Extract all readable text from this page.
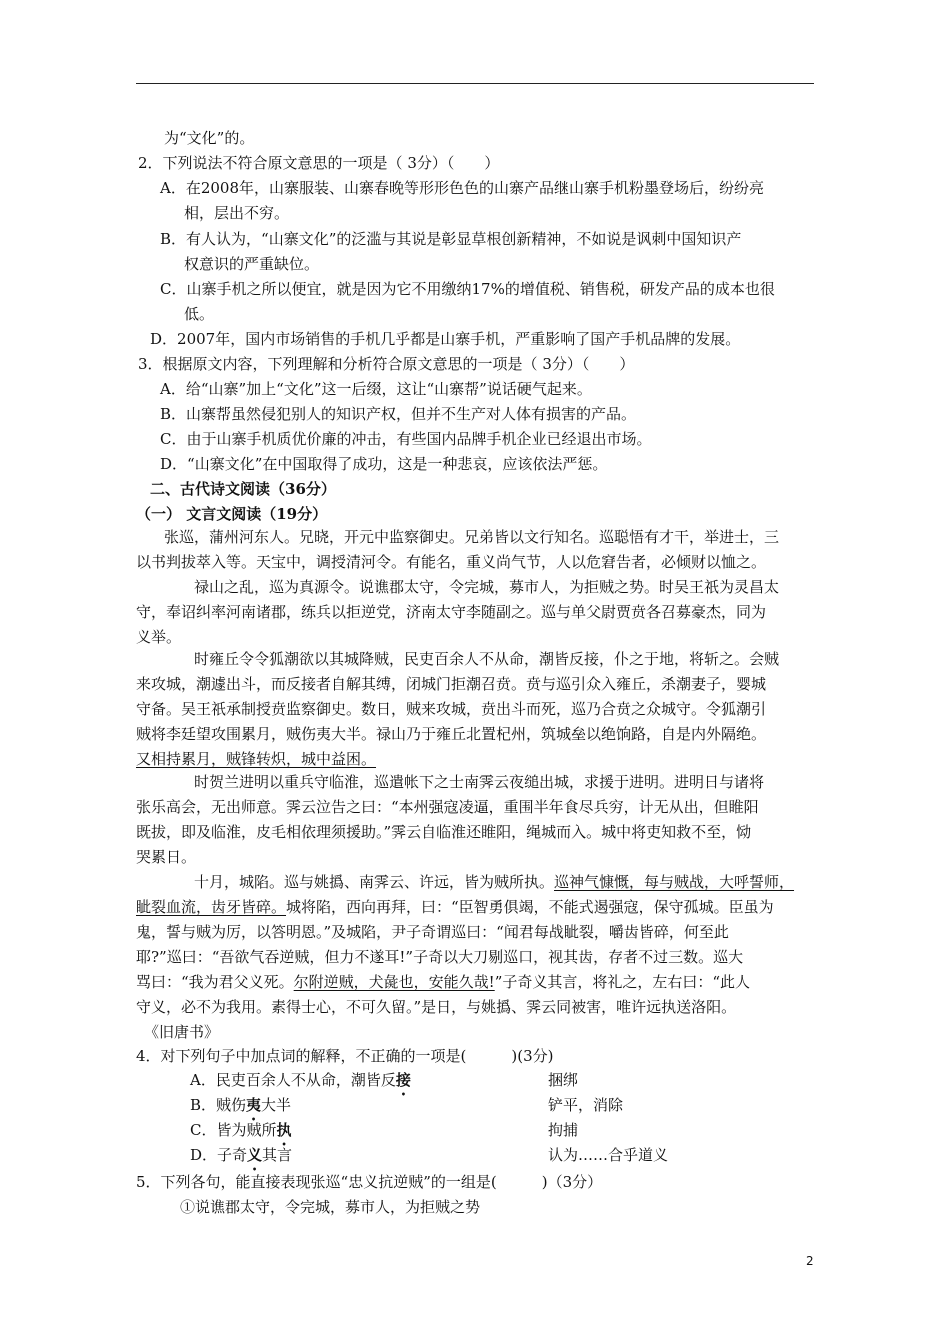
为“文化”的。
2．下列说法不符合原文意思的一项是（ 3分）（　　）
A．在2008年，山寨服装、山寨春晚等形形色色的山寨产品继山寨手机粉墨登场后，纷纷亮
相，层出不穷。
B．有人认为，“山寨文化”的泛滥与其说是彰显草根创新精神，不如说是讽刺中国知识产
权意识的严重缺位。
C．山寨手机之所以便宜，就是因为它不用缴纳17%的增值税、销售税，研发产品的成本也很
低。
D．2007年，国内市场销售的手机几乎都是山寨手机，严重影响了国产手机品牌的发展。
3．根据原文内容，下列理解和分析符合原文意思的一项是（ 3分）（　　）
A．给“山寨”加上“文化”这一后缀，这让“山寨帮”说话硬气起来。
B．山寨帮虽然侵犯别人的知识产权，但并不生产对人体有损害的产品。
C．由于山寨手机质优价廉的冲击，有些国内品牌手机企业已经退出市场。
D．“山寨文化”在中国取得了成功，这是一种悲哀，应该依法严惩。
二、古代诗文阅读（36分）
（一） 文言文阅读（19分）
张巡，蒲州河东人。兄晓，开元中监察御史。兄弟皆以文行知名。巡聪悟有才干，举进士，三
以书判拔萃入等。天宝中，调授清河令。有能名，重义尚气节，人以危窘告者，必倾财以恤之。
禄山之乱，巡为真源令。说谯郡太守，令完城，募市人，为拒贼之势。时吴王祇为灵昌太
守，奉诏纠率河南诸郡，练兵以拒逆党，济南太守李随副之。巡与单父尉贾贲各召募豪杰，同为
义举。
时雍丘令令狐潮欲以其城降贼，民吏百余人不从命，潮皆反接，仆之于地，将斩之。会贼
来攻城，潮遽出斗，而反接者自解其缚，闭城门拒潮召贲。贲与巡引众入雍丘，杀潮妻子，婴城
守备。吴王祇承制授贲监察御史。数日，贼来攻城，贲出斗而死，巡乃合贲之众城守。令狐潮引
贼将李廷望攻围累月，贼伤夷大半。禄山乃于雍丘北置杞州，筑城垒以绝饷路，自是内外隔绝。
又相持累月，贼锋转炽，城中益困。
时贺兰进明以重兵守临淮，巡遣帐下之士南霁云夜缒出城，求援于进明。进明日与诸将
张乐高会，无出师意。霁云泣告之曰：“本州强寇凌逼，重围半年食尽兵穷，计无从出，但睢阳
既拔，即及临淮，皮毛相依理须援助。”霁云自临淮还睢阳，绳城而入。城中将吏知救不至，恸
哭累日。
十月，城陷。巡与姚撝、南霁云、许远，皆为贼所执。巡神气慷慨，每与贼战，大呼誓师，
眦裂血流，齿牙皆碎。城将陷，西向再拜，曰：“臣智勇俱竭，不能式遏强寇，保守孤城。臣虽为
鬼，誓与贼为厉，以答明恩。”及城陷，尹子奇谓巡曰：“闻君每战眦裂，嚼齿皆碎，何至此
耶?”巡曰：“吾欲气吞逆贼，但力不遂耳!”子奇以大刀剔巡口，视其齿，存者不过三数。巡大
骂曰：“我为君父义死。尔附逆贼，犬彘也，安能久哉!”子奇义其言，将礼之，左右曰：“此人
守义，必不为我用。素得士心，不可久留。”是日，与姚撝、霁云同被害，唯许远执送洛阳。
《旧唐书》
4．对下列句子中加点词的解释，不正确的一项是(　　　)(3分)
A．民吏百余人不从命，潮皆反接	捆绑
B．贼伤夷大半	铲平，消除
C．皆为贼所执	拘捕
D．子奇义其言	认为……合乎道义
5．下列各句，能直接表现张巡“忠义抗逆贼”的一组是(　　　)（3分）
①说谯郡太守，令完城，募市人，为拒贼之势
2
